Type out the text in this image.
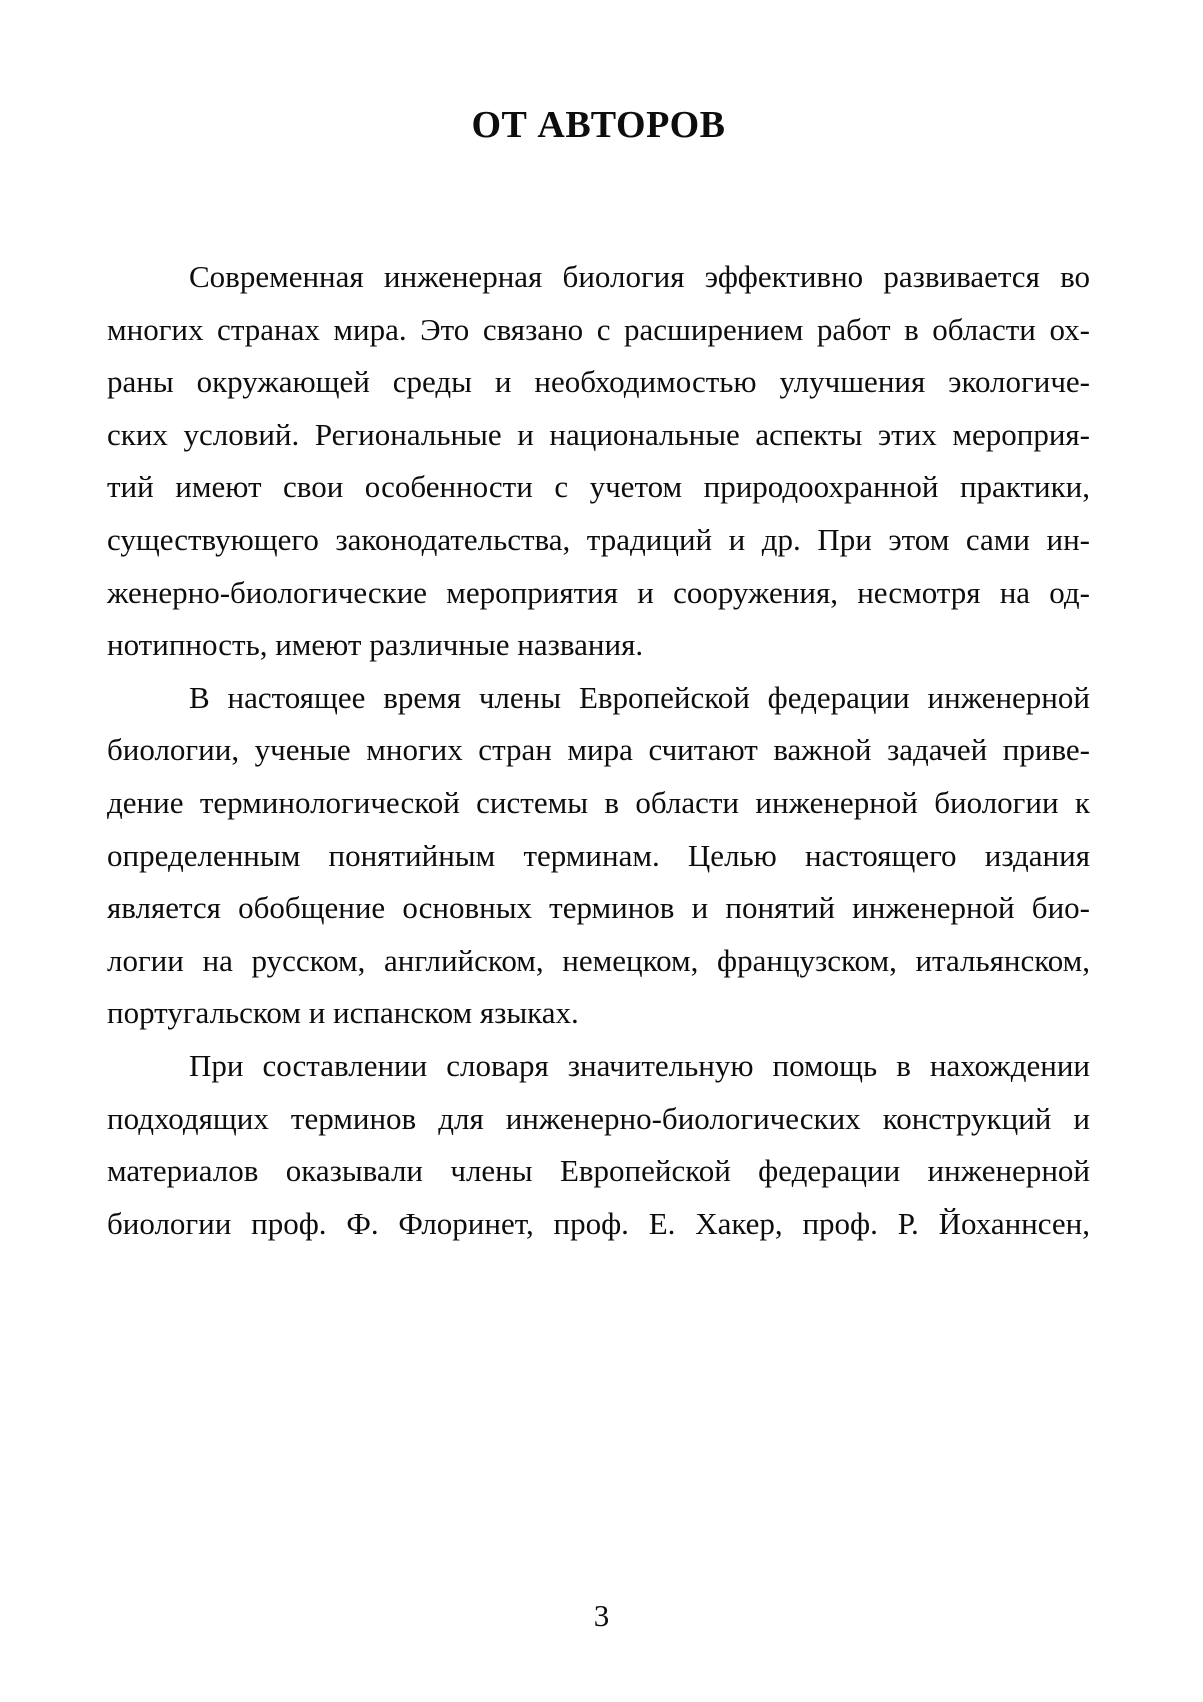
ОТ АВТОРОВ
Современная инженерная биология эффективно развивается во
многих странах мира. Это связано с расширением работ в области ох-
раны окружающей среды и необходимостью улучшения экологиче-
ских условий. Региональные и национальные аспекты этих мероприя-
тий имеют свои особенности с учетом природоохранной практики,
существующего законодательства, традиций и др. При этом сами ин-
женерно-биологические мероприятия и сооружения, несмотря на од-
нотипность, имеют различные названия.
В настоящее время члены Европейской федерации инженерной
биологии, ученые многих стран мира считают важной задачей приве-
дение терминологической системы в области инженерной биологии к
определенным понятийным терминам. Целью настоящего издания
является обобщение основных терминов и понятий инженерной био-
логии на русском, английском, немецком, французском, итальянском,
португальском и испанском языках.
При составлении словаря значительную помощь в нахождении
подходящих терминов для инженерно-биологических конструкций и
материалов оказывали члены Европейской федерации инженерной
биологии проф. Ф. Флоринет, проф. Е. Хакер, проф. Р. Йоханнсен,
3
